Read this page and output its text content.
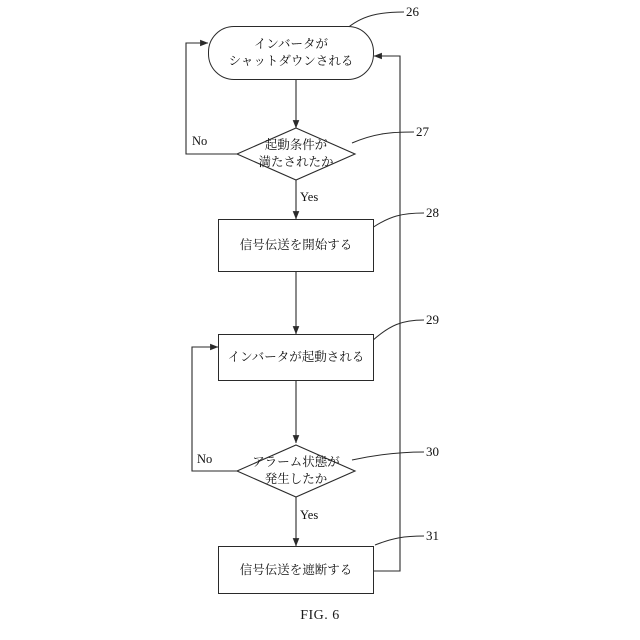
インバータが
シャットダウンされる
26
起動条件が
満たされたか
No
Yes
27
信号伝送を開始する
28
インバータが起動される
29
アラーム状態が
発生したか
No
Yes
30
信号伝送を遮断する
31
FIG. 6
